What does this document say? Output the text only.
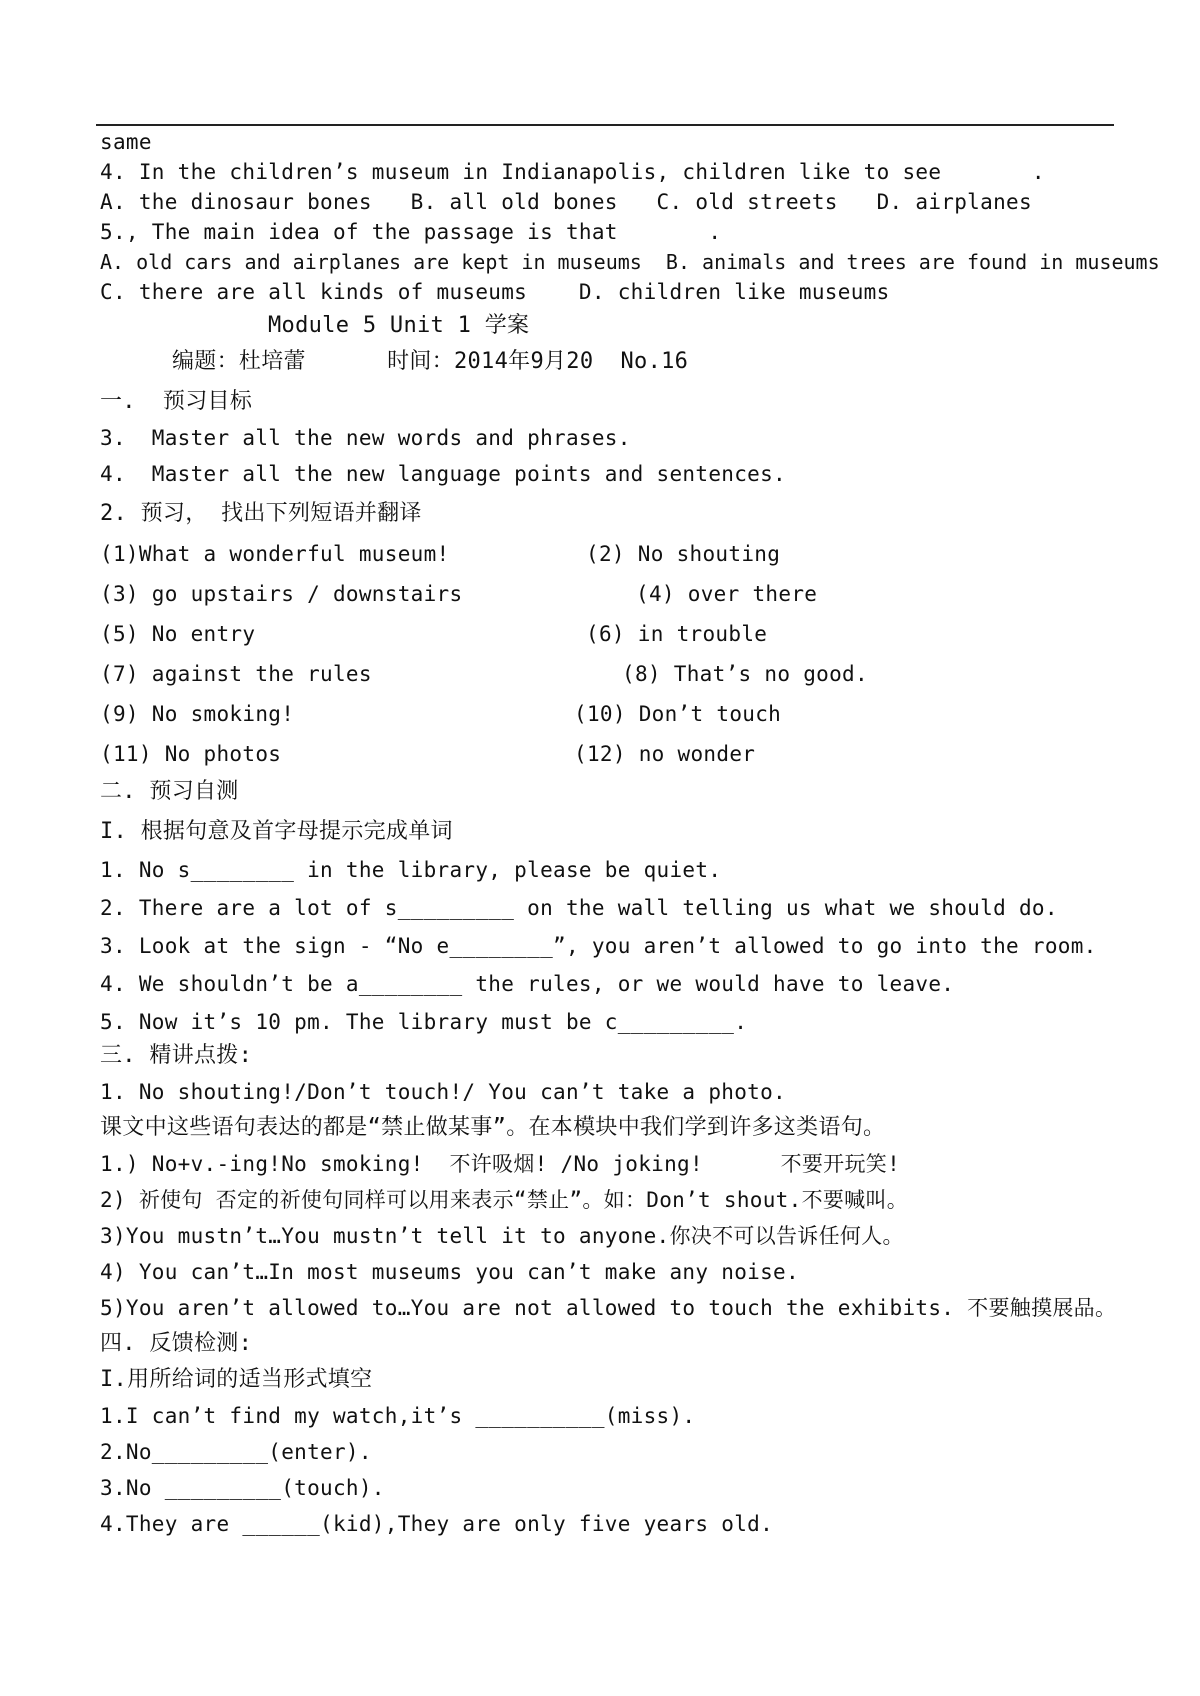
same
4. In the children’s museum in Indianapolis, children like to see       .
A. the dinosaur bones   B. all old bones   C. old streets   D. airplanes
5., The main idea of the passage is that       .
A. old cars and airplanes are kept in museums  B. animals and trees are found in museums
C. there are all kinds of museums    D. children like museums
Module 5 Unit 1 学案
编题：杜培蕾      时间：2014年9月20  No.16
一.  预习目标
3.  Master all the new words and phrases.
4.  Master all the new language points and sentences.
2. 预习， 找出下列短语并翻译
(1)What a wonderful museum!	(2) No shouting
(3) go upstairs / downstairs	(4) over there
(5) No entry	(6) in trouble
(7) against the rules	(8) That’s no good.
(9) No smoking!	(10) Don’t touch
(11) No photos	(12) no wonder
二. 预习自测
I. 根据句意及首字母提示完成单词
1. No s________ in the library, please be quiet.
2. There are a lot of s_________ on the wall telling us what we should do.
3. Look at the sign - “No e________”, you aren’t allowed to go into the room.
4. We shouldn’t be a________ the rules, or we would have to leave.
5. Now it’s 10 pm. The library must be c_________.
三. 精讲点拨:
1. No shouting!/Don’t touch!/ You can’t take a photo.
课文中这些语句表达的都是“禁止做某事”。在本模块中我们学到许多这类语句。
1.) No+v.-ing!No smoking!  不许吸烟! /No joking!      不要开玩笑!
2) 祈使句 否定的祈使句同样可以用来表示“禁止”。如：Don’t shout.不要喊叫。
3)You mustn’t…You mustn’t tell it to anyone.你决不可以告诉任何人。
4) You can’t…In most museums you can’t make any noise.
5)You aren’t allowed to…You are not allowed to touch the exhibits. 不要触摸展品。
四. 反馈检测:
I.用所给词的适当形式填空
1.I can’t find my watch,it’s __________(miss).
2.No_________(enter).
3.No _________(touch).
4.They are ______(kid),They are only five years old.
